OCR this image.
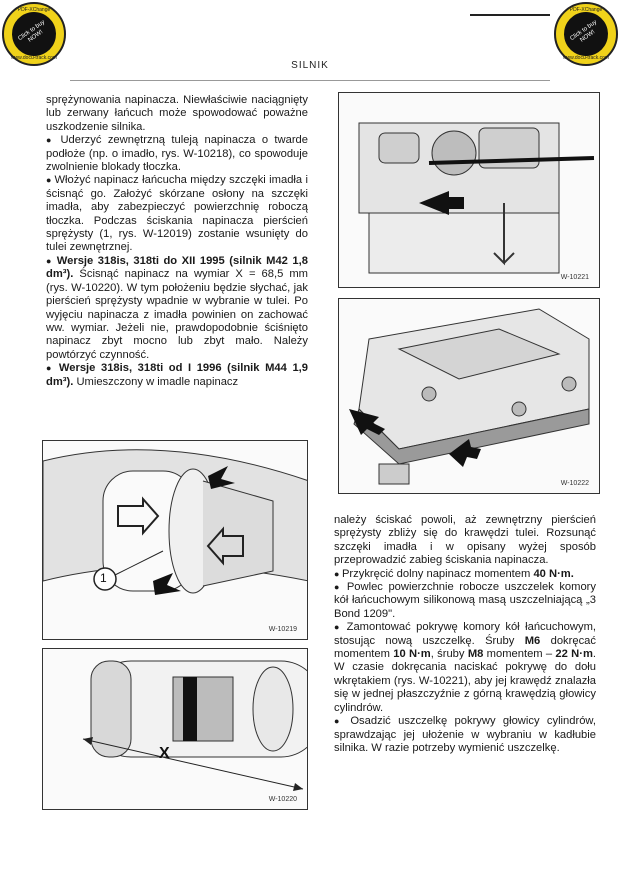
PDF-XChange
Click to buy NOW!
www.docu-track.com
PDF-XChange
Click to buy NOW!
www.docu-track.com
SILNIK

sprężynowania napinacza. Niewłaściwie naciągnięty lub zerwany łańcuch może spowodować poważne uszkodzenie silnika.

● Uderzyć zewnętrzną tuleją napinacza o twarde podłoże (np. o imadło, rys. W-10218), co spowoduje zwolnienie blokady tłoczka.

● Włożyć napinacz łańcucha między szczęki imadła i ścisnąć go. Założyć skórzane osłony na szczęki imadła, aby zabezpieczyć powierzchnię roboczą tłoczka. Podczas ściskania napinacza pierścień sprężysty (1, rys. W-12019) zostanie wsunięty do tulei zewnętrznej.

● Wersje 318is, 318ti do XII 1995 (silnik M42 1,8 dm³). Ścisnąć napinacz na wymiar X = 68,5 mm (rys. W-10220). W tym położeniu będzie słychać, jak pierścień sprężysty wpadnie w wybranie w tulei. Po wyjęciu napinacza z imadła powinien on zachować ww. wymiar. Jeżeli nie, prawdopodobnie ściśnięto napinacz zbyt mocno lub zbyt mało. Należy powtórzyć czynność.

● Wersje 318is, 318ti od I 1996 (silnik M44 1,9 dm³). Umieszczony w imadle napinacz

należy ściskać powoli, aż zewnętrzny pierścień sprężysty zbliży się do krawędzi tulei. Rozsunąć szczęki imadła i w opisany wyżej sposób przeprowadzić zabieg ściskania napinacza.

● Przykręcić dolny napinacz momentem 40 N·m.

● Powlec powierzchnie robocze uszczelek komory kół łańcuchowym silikonową masą uszczelniającą „3 Bond 1209".

● Zamontować pokrywę komory kół łańcuchowym, stosując nową uszczelkę. Śruby M6 dokręcać momentem 10 N·m, śruby M8 momentem – 22 N·m. W czasie dokręcania naciskać pokrywę do dołu wkrętakiem (rys. W-10221), aby jej krawędź znalazła się w jednej płaszczyźnie z górną krawędzią głowicy cylindrów.

● Osadzić uszczelkę pokrywy głowicy cylindrów, sprawdzając jej ułożenie w wybraniu w kadłubie silnika. W razie potrzeby wymienić uszczelkę.

W-10221
W-10222
1
W-10219
X
W-10220
